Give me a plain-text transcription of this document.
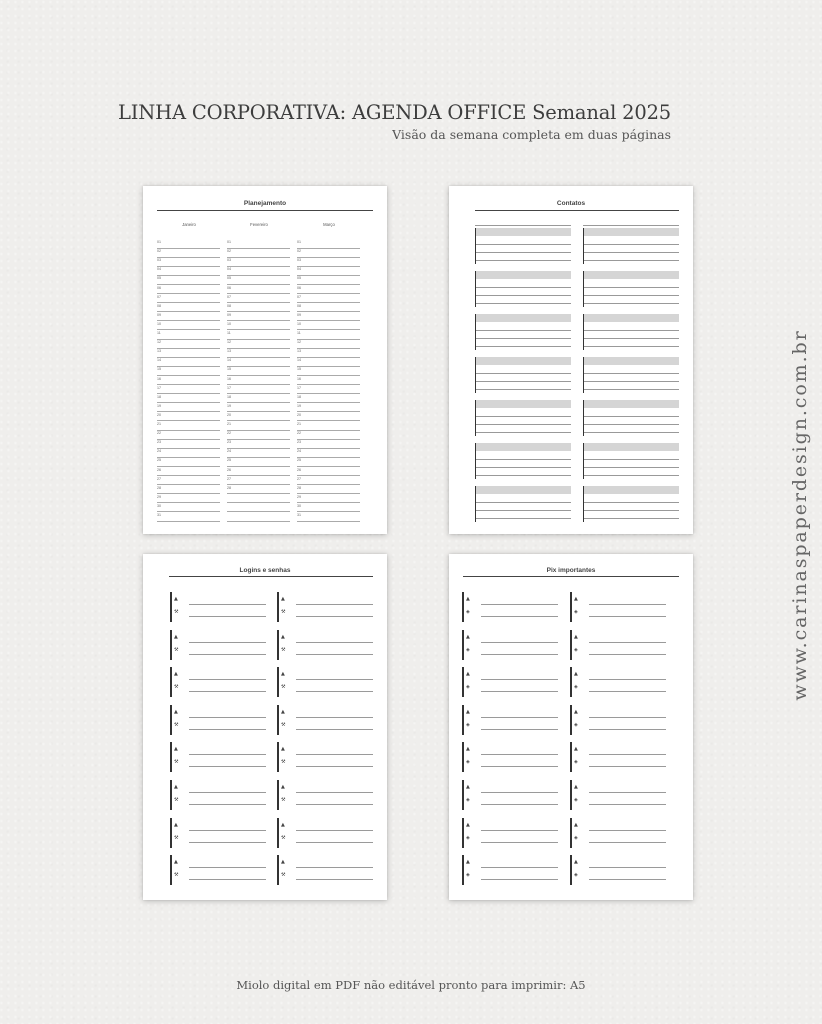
LINHA CORPORATIVA: AGENDA OFFICE Semanal 2025
Visão da semana completa em duas páginas
www.carinaspaperdesign.com.br
Miolo digital em PDF não editável pronto para imprimir: A5
Planejamento
Janeiro
01
02
03
04
05
06
07
08
09
10
11
12
13
14
15
16
17
18
19
20
21
22
23
24
25
26
27
28
29
30
31
Fevereiro
01
02
03
04
05
06
07
08
09
10
11
12
13
14
15
16
17
18
19
20
21
22
23
24
25
26
27
28
Março
01
02
03
04
05
06
07
08
09
10
11
12
13
14
15
16
17
18
19
20
21
22
23
24
25
26
27
28
29
30
31
Contatos
Logins e senhas
▲
⚒
▲
⚒
▲
⚒
▲
⚒
▲
⚒
▲
⚒
▲
⚒
▲
⚒
▲
⚒
▲
⚒
▲
⚒
▲
⚒
▲
⚒
▲
⚒
▲
⚒
▲
⚒
Pix importantes
▲
◈
▲
◈
▲
◈
▲
◈
▲
◈
▲
◈
▲
◈
▲
◈
▲
◈
▲
◈
▲
◈
▲
◈
▲
◈
▲
◈
▲
◈
▲
◈
